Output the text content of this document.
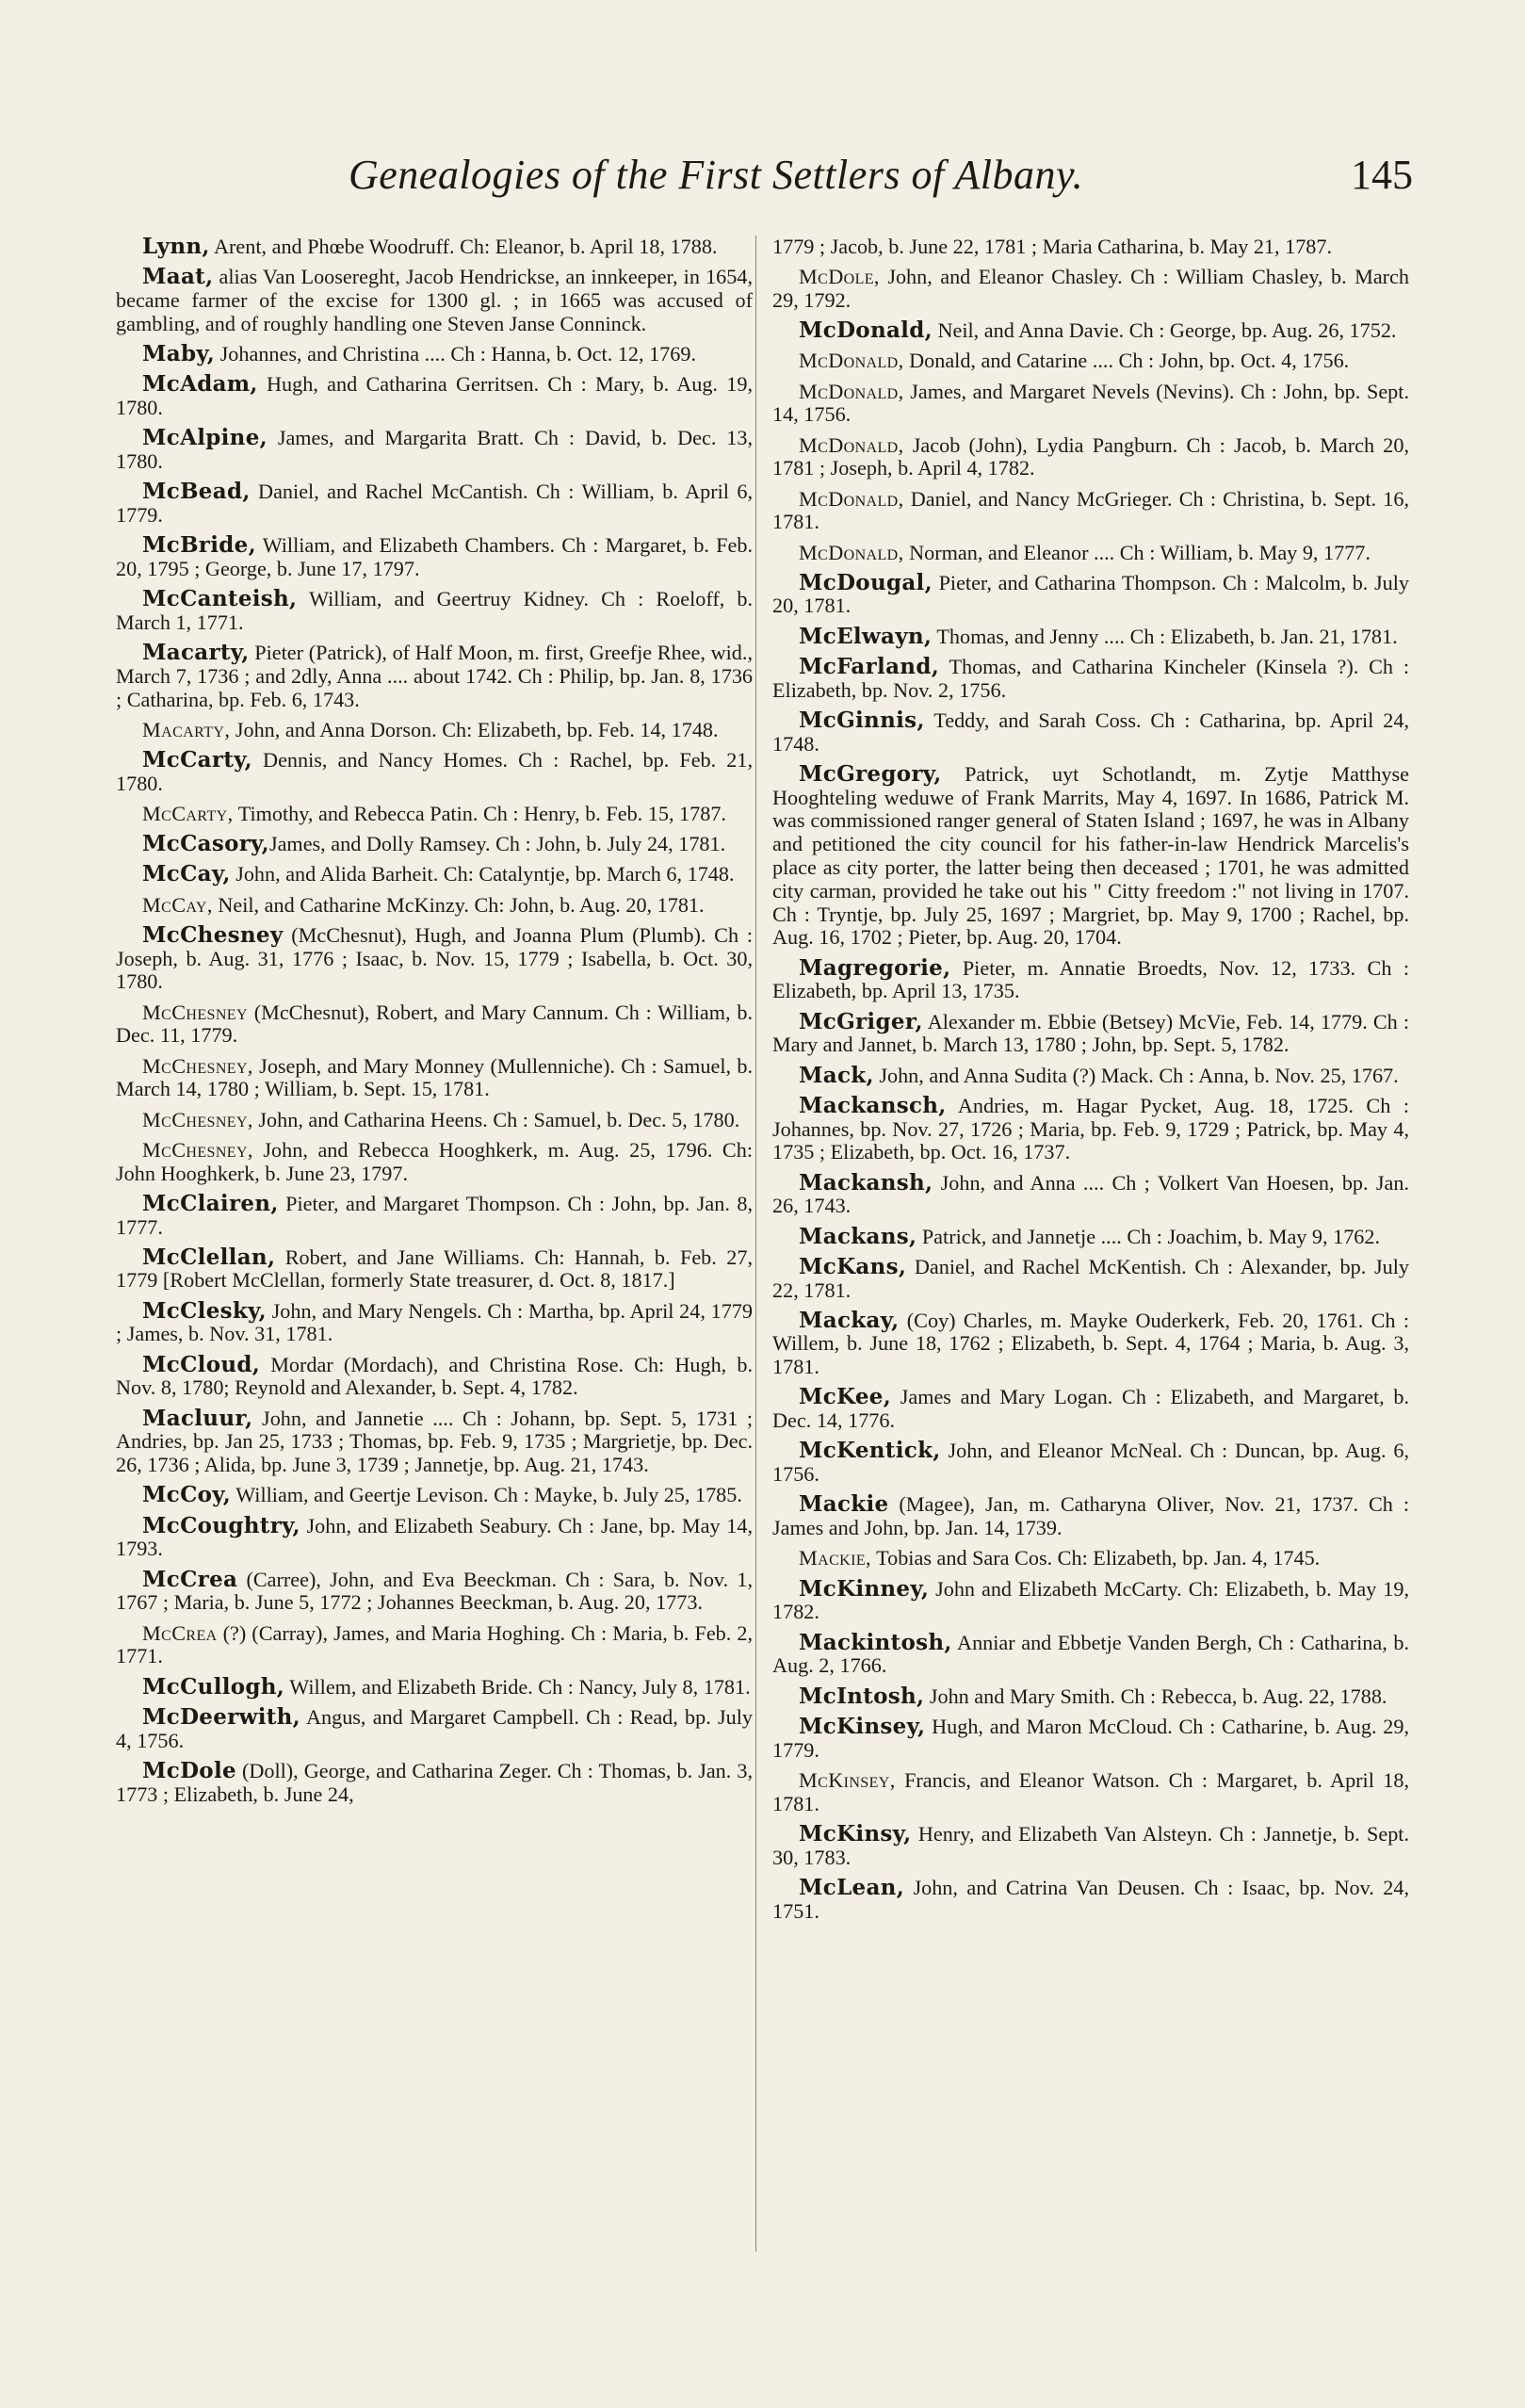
Genealogies of the First Settlers of Albany.	145

Lynn, Arent, and Phœbe Woodruff. Ch: Eleanor, b. April 18, 1788.

Maat, alias Van Loosereght, Jacob Hendrickse, an innkeeper, in 1654, became farmer of the excise for 1300 gl. ; in 1665 was accused of gambling, and of roughly handling one Steven Janse Conninck.

Maby, Johannes, and Christina .... Ch : Hanna, b. Oct. 12, 1769.

McAdam, Hugh, and Catharina Gerritsen. Ch : Mary, b. Aug. 19, 1780.

McAlpine, James, and Margarita Bratt. Ch : David, b. Dec. 13, 1780.

McBead, Daniel, and Rachel McCantish. Ch : William, b. April 6, 1779.

McBride, William, and Elizabeth Chambers. Ch : Margaret, b. Feb. 20, 1795 ; George, b. June 17, 1797.

McCanteish, William, and Geertruy Kidney. Ch : Roeloff, b. March 1, 1771.

Macarty, Pieter (Patrick), of Half Moon, m. first, Greefje Rhee, wid., March 7, 1736 ; and 2dly, Anna .... about 1742. Ch : Philip, bp. Jan. 8, 1736 ; Catharina, bp. Feb. 6, 1743.

Macarty, John, and Anna Dorson. Ch: Elizabeth, bp. Feb. 14, 1748.

McCarty, Dennis, and Nancy Homes. Ch : Rachel, bp. Feb. 21, 1780.

McCarty, Timothy, and Rebecca Patin. Ch : Henry, b. Feb. 15, 1787.

McCasory,James, and Dolly Ramsey. Ch : John, b. July 24, 1781.

McCay, John, and Alida Barheit. Ch: Catalyntje, bp. March 6, 1748.

McCay, Neil, and Catharine McKinzy. Ch: John, b. Aug. 20, 1781.

McChesney (McChesnut), Hugh, and Joanna Plum (Plumb). Ch : Joseph, b. Aug. 31, 1776 ; Isaac, b. Nov. 15, 1779 ; Isabella, b. Oct. 30, 1780.

McChesney (McChesnut), Robert, and Mary Cannum. Ch : William, b. Dec. 11, 1779.

McChesney, Joseph, and Mary Monney (Mullenniche). Ch : Samuel, b. March 14, 1780 ; William, b. Sept. 15, 1781.

McChesney, John, and Catharina Heens. Ch : Samuel, b. Dec. 5, 1780.

McChesney, John, and Rebecca Hooghkerk, m. Aug. 25, 1796. Ch: John Hooghkerk, b. June 23, 1797.

McClairen, Pieter, and Margaret Thompson. Ch : John, bp. Jan. 8, 1777.

McClellan, Robert, and Jane Williams. Ch: Hannah, b. Feb. 27, 1779 [Robert McClellan, formerly State treasurer, d. Oct. 8, 1817.]

McClesky, John, and Mary Nengels. Ch : Martha, bp. April 24, 1779 ; James, b. Nov. 31, 1781.

McCloud, Mordar (Mordach), and Christina Rose. Ch: Hugh, b. Nov. 8, 1780; Reynold and Alexander, b. Sept. 4, 1782.

Macluur, John, and Jannetie .... Ch : Johann, bp. Sept. 5, 1731 ; Andries, bp. Jan 25, 1733 ; Thomas, bp. Feb. 9, 1735 ; Margrietje, bp. Dec. 26, 1736 ; Alida, bp. June 3, 1739 ; Jannetje, bp. Aug. 21, 1743.

McCoy, William, and Geertje Levison. Ch : Mayke, b. July 25, 1785.

McCoughtry, John, and Elizabeth Seabury. Ch : Jane, bp. May 14, 1793.

McCrea (Carree), John, and Eva Beeckman. Ch : Sara, b. Nov. 1, 1767 ; Maria, b. June 5, 1772 ; Johannes Beeckman, b. Aug. 20, 1773.

McCrea (?) (Carray), James, and Maria Hoghing. Ch : Maria, b. Feb. 2, 1771.

McCullogh, Willem, and Elizabeth Bride. Ch : Nancy, July 8, 1781.

McDeerwith, Angus, and Margaret Campbell. Ch : Read, bp. July 4, 1756.

McDole (Doll), George, and Catharina Zeger. Ch : Thomas, b. Jan. 3, 1773 ; Elizabeth, b. June 24,

1779 ; Jacob, b. June 22, 1781 ; Maria Catharina, b. May 21, 1787.

McDole, John, and Eleanor Chasley. Ch : William Chasley, b. March 29, 1792.

McDonald, Neil, and Anna Davie. Ch : George, bp. Aug. 26, 1752.

McDonald, Donald, and Catarine .... Ch : John, bp. Oct. 4, 1756.

McDonald, James, and Margaret Nevels (Nevins). Ch : John, bp. Sept. 14, 1756.

McDonald, Jacob (John), Lydia Pangburn. Ch : Jacob, b. March 20, 1781 ; Joseph, b. April 4, 1782.

McDonald, Daniel, and Nancy McGrieger. Ch : Christina, b. Sept. 16, 1781.

McDonald, Norman, and Eleanor .... Ch : William, b. May 9, 1777.

McDougal, Pieter, and Catharina Thompson. Ch : Malcolm, b. July 20, 1781.

McElwayn, Thomas, and Jenny .... Ch : Elizabeth, b. Jan. 21, 1781.

McFarland, Thomas, and Catharina Kincheler (Kinsela ?). Ch : Elizabeth, bp. Nov. 2, 1756.

McGinnis, Teddy, and Sarah Coss. Ch : Catharina, bp. April 24, 1748.

McGregory, Patrick, uyt Schotlandt, m. Zytje Matthyse Hooghteling weduwe of Frank Marrits, May 4, 1697. In 1686, Patrick M. was commissioned ranger general of Staten Island ; 1697, he was in Albany and petitioned the city council for his father-in-law Hendrick Marcelis's place as city porter, the latter being then deceased ; 1701, he was admitted city carman, provided he take out his " Citty freedom :" not living in 1707. Ch : Tryntje, bp. July 25, 1697 ; Margriet, bp. May 9, 1700 ; Rachel, bp. Aug. 16, 1702 ; Pieter, bp. Aug. 20, 1704.

Magregorie, Pieter, m. Annatie Broedts, Nov. 12, 1733. Ch : Elizabeth, bp. April 13, 1735.

McGriger, Alexander m. Ebbie (Betsey) McVie, Feb. 14, 1779. Ch : Mary and Jannet, b. March 13, 1780 ; John, bp. Sept. 5, 1782.

Mack, John, and Anna Sudita (?) Mack. Ch : Anna, b. Nov. 25, 1767.

Mackansch, Andries, m. Hagar Pycket, Aug. 18, 1725. Ch : Johannes, bp. Nov. 27, 1726 ; Maria, bp. Feb. 9, 1729 ; Patrick, bp. May 4, 1735 ; Elizabeth, bp. Oct. 16, 1737.

Mackansh, John, and Anna .... Ch ; Volkert Van Hoesen, bp. Jan. 26, 1743.

Mackans, Patrick, and Jannetje .... Ch : Joachim, b. May 9, 1762.

McKans, Daniel, and Rachel McKentish. Ch : Alexander, bp. July 22, 1781.

Mackay, (Coy) Charles, m. Mayke Ouderkerk, Feb. 20, 1761. Ch : Willem, b. June 18, 1762 ; Elizabeth, b. Sept. 4, 1764 ; Maria, b. Aug. 3, 1781.

McKee, James and Mary Logan. Ch : Elizabeth, and Margaret, b. Dec. 14, 1776.

McKentick, John, and Eleanor McNeal. Ch : Duncan, bp. Aug. 6, 1756.

Mackie (Magee), Jan, m. Catharyna Oliver, Nov. 21, 1737. Ch : James and John, bp. Jan. 14, 1739.

Mackie, Tobias and Sara Cos. Ch: Elizabeth, bp. Jan. 4, 1745.

McKinney, John and Elizabeth McCarty. Ch: Elizabeth, b. May 19, 1782.

Mackintosh, Anniar and Ebbetje Vanden Bergh, Ch : Catharina, b. Aug. 2, 1766.

McIntosh, John and Mary Smith. Ch : Rebecca, b. Aug. 22, 1788.

McKinsey, Hugh, and Maron McCloud. Ch : Catharine, b. Aug. 29, 1779.

McKinsey, Francis, and Eleanor Watson. Ch : Margaret, b. April 18, 1781.

McKinsy, Henry, and Elizabeth Van Alsteyn. Ch : Jannetje, b. Sept. 30, 1783.

McLean, John, and Catrina Van Deusen. Ch : Isaac, bp. Nov. 24, 1751.
